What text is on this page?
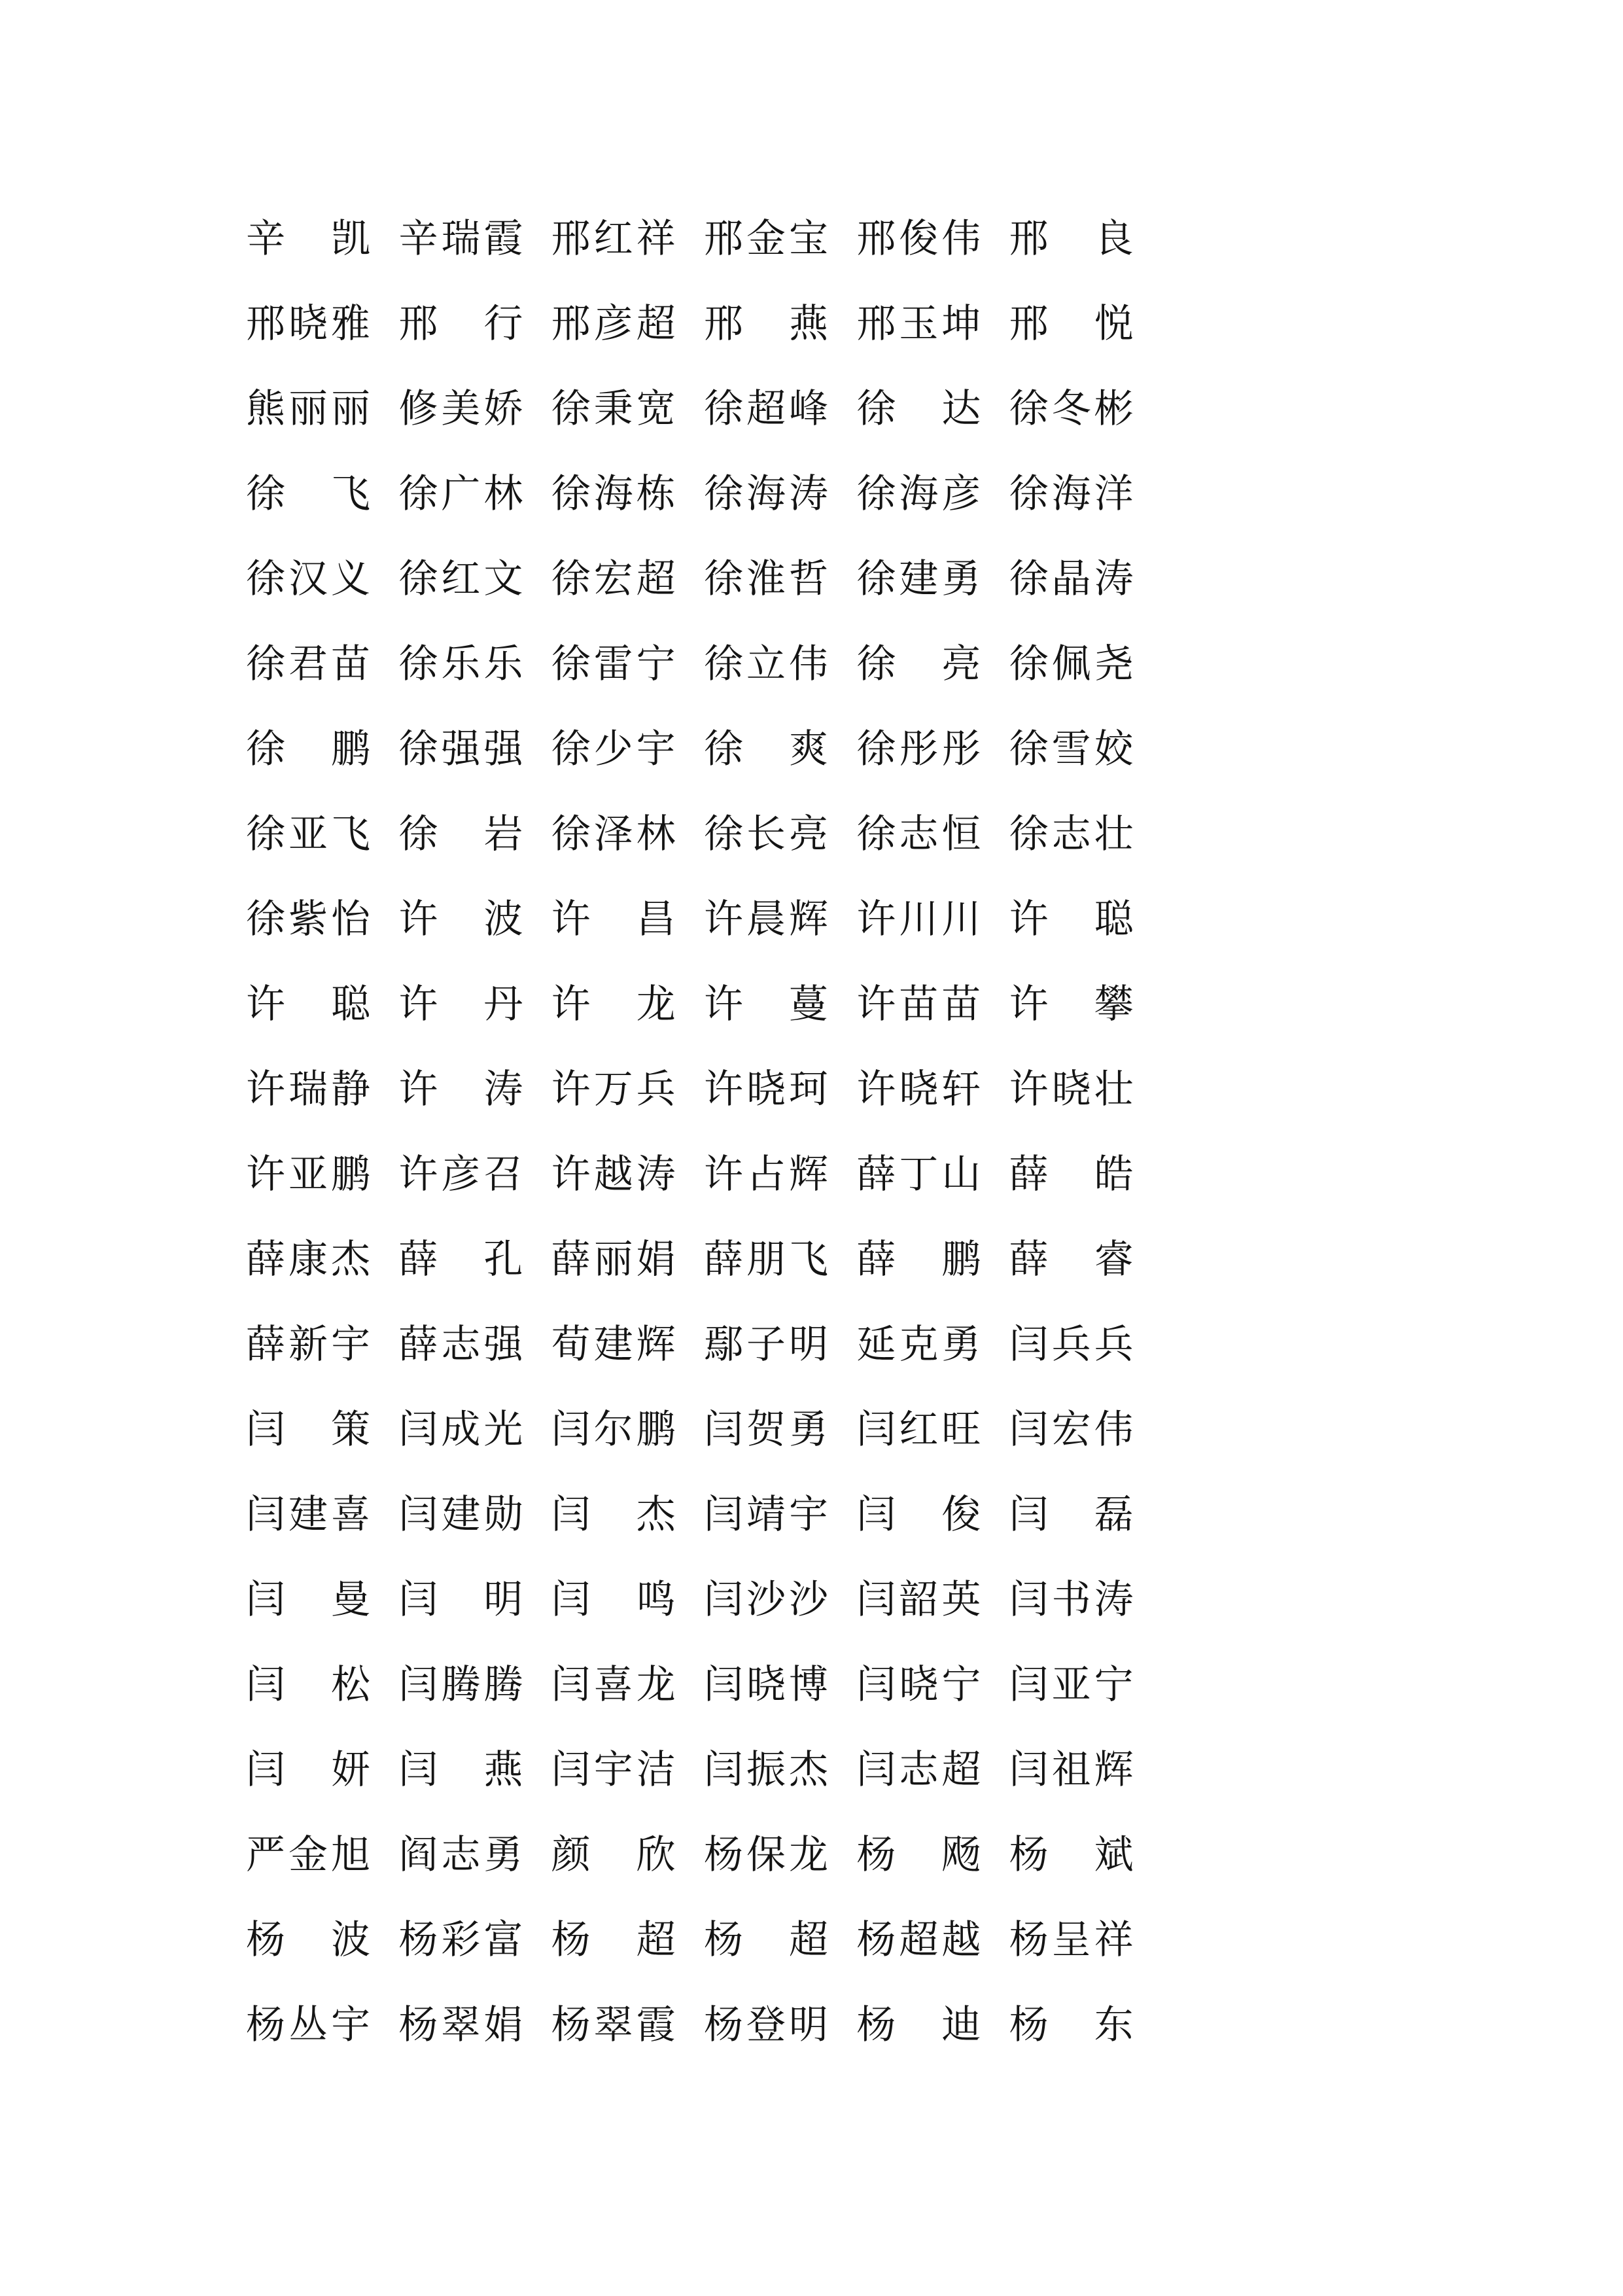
辛 凯 辛 瑞 霞 邢 红 祥 邢 金 宝 邢 俊 伟 邢 良
邢 晓 雅 邢 行 邢 彦 超 邢 燕 邢 玉 坤 邢 悦
熊 丽 丽 修 美 娇 徐 秉 宽 徐 超 峰 徐 达 徐 冬 彬
徐 飞 徐 广 林 徐 海 栋 徐 海 涛 徐 海 彦 徐 海 洋
徐 汉 义 徐 红 文 徐 宏 超 徐 淮 哲 徐 建 勇 徐 晶 涛
徐 君 苗 徐 乐 乐 徐 雷 宁 徐 立 伟 徐 亮 徐 佩 尧
徐 鹏 徐 强 强 徐 少 宇 徐 爽 徐 彤 彤 徐 雪 姣
徐 亚 飞 徐 岩 徐 泽 林 徐 长 亮 徐 志 恒 徐 志 壮
徐 紫 怡 许 波 许 昌 许 晨 辉 许 川 川 许 聪
许 聪 许 丹 许 龙 许 蔓 许 苗 苗 许 攀
许 瑞 静 许 涛 许 万 兵 许 晓 珂 许 晓 轩 许 晓 壮
许 亚 鹏 许 彦 召 许 越 涛 许 占 辉 薛 丁 山 薛 皓
薛 康 杰 薛 孔 薛 丽 娟 薛 朋 飞 薛 鹏 薛 睿
薛 新 宇 薛 志 强 荀 建 辉 鄢 子 明 延 克 勇 闫 兵 兵
闫 策 闫 成 光 闫 尔 鹏 闫 贺 勇 闫 红 旺 闫 宏 伟
闫 建 喜 闫 建 勋 闫 杰 闫 靖 宇 闫 俊 闫 磊
闫 曼 闫 明 闫 鸣 闫 沙 沙 闫 韶 英 闫 书 涛
闫 松 闫 腾 腾 闫 喜 龙 闫 晓 博 闫 晓 宁 闫 亚 宁
闫 妍 闫 燕 闫 宇 洁 闫 振 杰 闫 志 超 闫 祖 辉
严 金 旭 阎 志 勇 颜 欣 杨 保 龙 杨 飏 杨 斌
杨 波 杨 彩 富 杨 超 杨 超 杨 超 越 杨 呈 祥
杨 丛 宇 杨 翠 娟 杨 翠 霞 杨 登 明 杨 迪 杨 东
